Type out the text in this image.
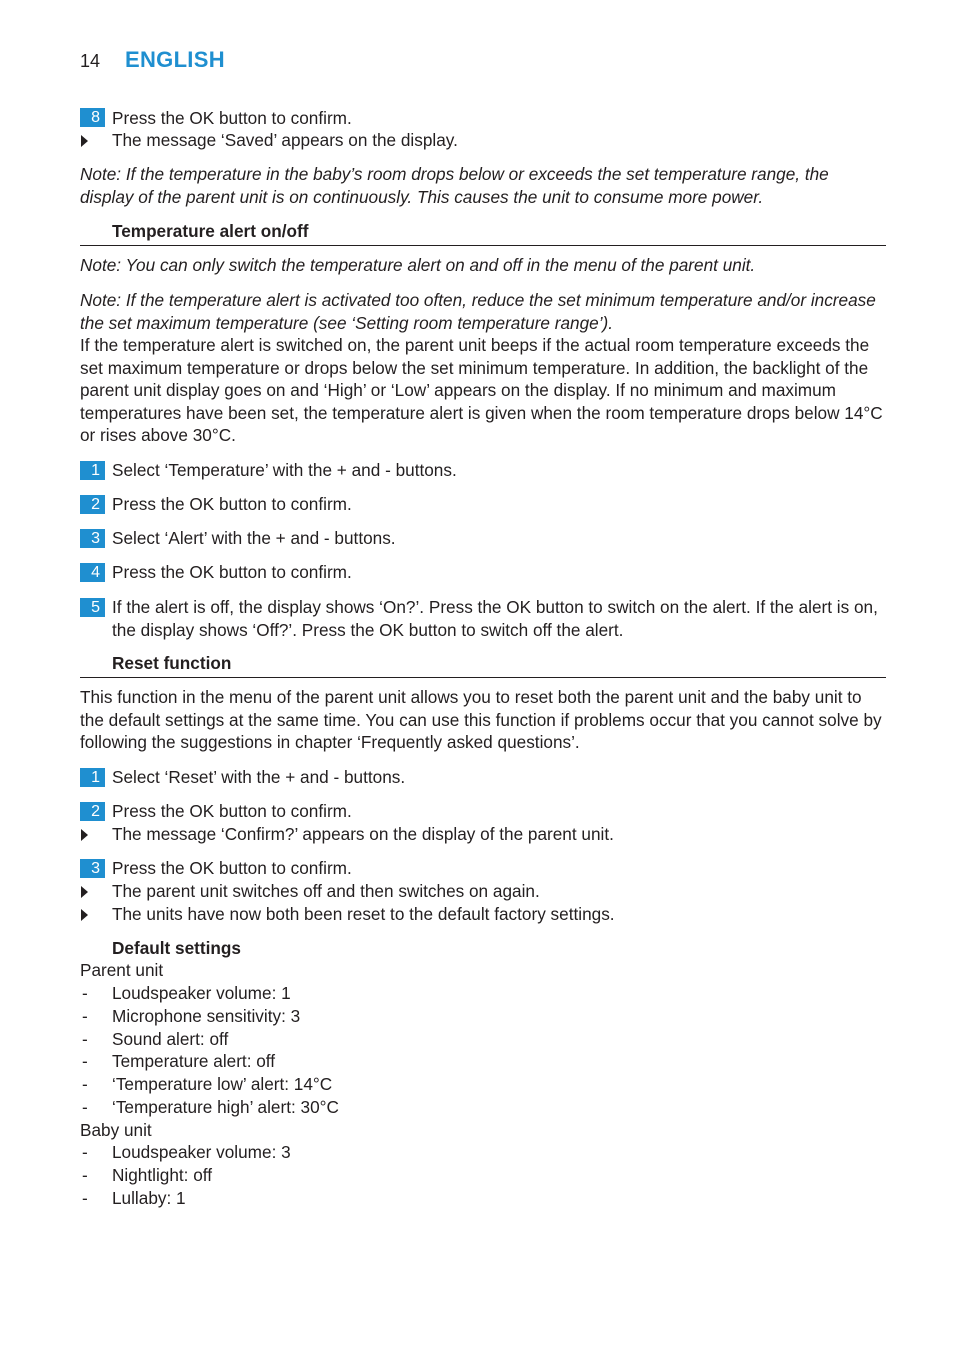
14 ENGLISH
8 Press the OK button to confirm.
The message ‘Saved’ appears on the display.
Note: If the temperature in the baby’s room drops below or exceeds the set temperature range, the display of the parent unit is on continuously. This causes the unit to consume more power.
Temperature alert on/off
Note: You can only switch the temperature alert on and off in the menu of the parent unit.
Note: If the temperature alert is activated too often, reduce the set minimum temperature and/or increase the set maximum temperature (see ‘Setting room temperature range’).
If the temperature alert is switched on, the parent unit beeps if the actual room temperature exceeds the set maximum temperature or drops below the set minimum temperature. In addition, the backlight of the parent unit display goes on and ‘High’ or ‘Low’ appears on the display. If no minimum and maximum temperatures have been set, the temperature alert is given when the room temperature drops below 14°C or rises above 30°C.
1 Select ‘Temperature’ with the + and - buttons.
2 Press the OK button to confirm.
3 Select ‘Alert’ with the + and - buttons.
4 Press the OK button to confirm.
5 If the alert is off, the display shows ‘On?’. Press the OK button to switch on the alert. If the alert is on, the display shows ‘Off?’. Press the OK button to switch off the alert.
Reset function
This function in the menu of the parent unit allows you to reset both the parent unit and the baby unit to the default settings at the same time. You can use this function if problems occur that you cannot solve by following the suggestions in chapter ‘Frequently asked questions’.
1 Select ‘Reset’ with the + and - buttons.
2 Press the OK button to confirm.
The message ‘Confirm?’ appears on the display of the parent unit.
3 Press the OK button to confirm.
The parent unit switches off and then switches on again.
The units have now both been reset to the default factory settings.
Default settings
Parent unit
- Loudspeaker volume: 1
- Microphone sensitivity: 3
- Sound alert: off
- Temperature alert: off
- ‘Temperature low’ alert: 14°C
- ‘Temperature high’ alert: 30°C
Baby unit
- Loudspeaker volume: 3
- Nightlight: off
- Lullaby: 1
